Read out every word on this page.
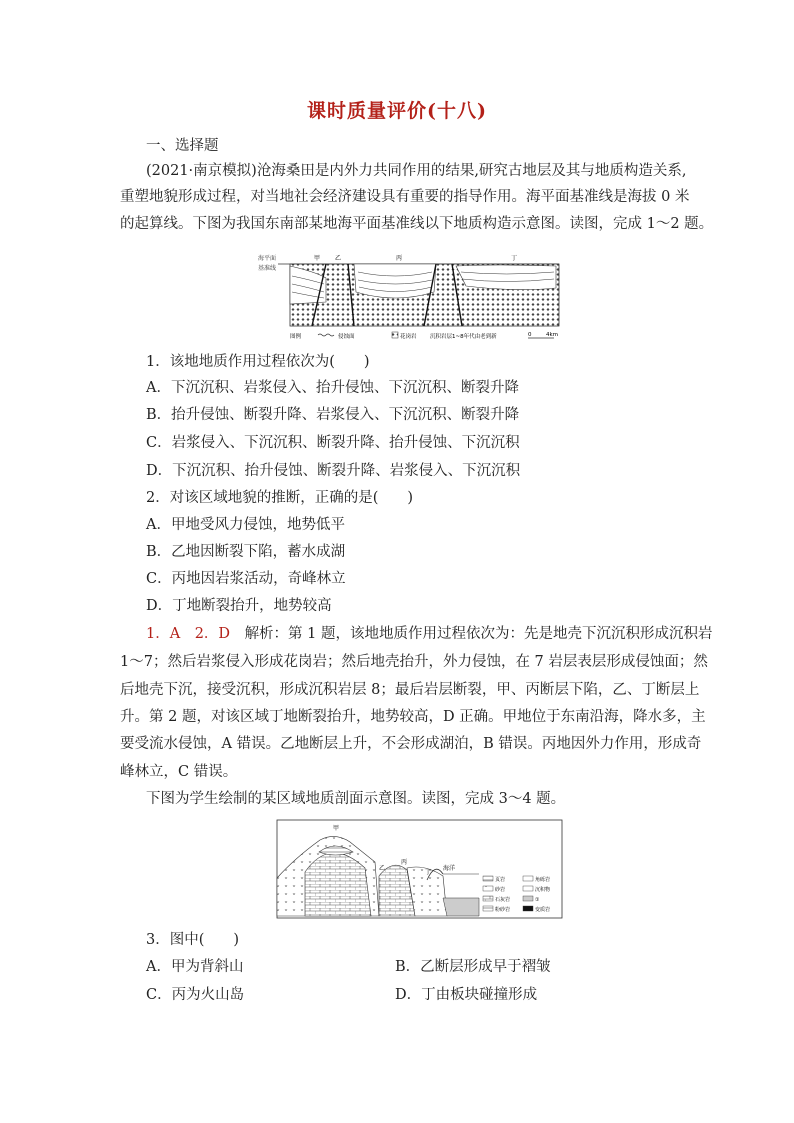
课时质量评价(十八)
一、选择题
(2021·南京模拟)沧海桑田是内外力共同作用的结果,研究古地层及其与地质构造关系,
重塑地貌形成过程，对当地社会经济建设具有重要的指导作用。海平面基准线是海拔 0 米
的起算线。下图为我国东南部某地海平面基准线以下地质构造示意图。读图，完成 1～2 题。
海平面
基准线
甲 乙	丙	丁
图例	侵蚀面	花岗岩 沉积岩层1~8年代由老到新	0	4km
1．该地地质作用过程依次为(　　)
A．下沉沉积、岩浆侵入、抬升侵蚀、下沉沉积、断裂升降
B．抬升侵蚀、断裂升降、岩浆侵入、下沉沉积、断裂升降
C．岩浆侵入、下沉沉积、断裂升降、抬升侵蚀、下沉沉积
D．下沉沉积、抬升侵蚀、断裂升降、岩浆侵入、下沉沉积
2．对该区域地貌的推断，正确的是(　　)
A．甲地受风力侵蚀，地势低平
B．乙地因断裂下陷，蓄水成湖
C．丙地因岩浆活动，奇峰林立
D．丁地断裂抬升，地势较高
1．A　2．D　 解析：第 1 题，该地地质作用过程依次为：先是地壳下沉沉积形成沉积岩
1～7；然后岩浆侵入形成花岗岩；然后地壳抬升，外力侵蚀，在 7 岩层表层形成侵蚀面；然
后地壳下沉，接受沉积，形成沉积岩层 8；最后岩层断裂，甲、丙断层下陷，乙、丁断层上
升。第 2 题，对该区域丁地断裂抬升，地势较高，D 正确。甲地位于东南沿海，降水多，主
要受流水侵蚀，A 错误。乙地断层上升，不会形成湖泊，B 错误。丙地因外力作用，形成奇
峰林立，C 错误。
下图为学生绘制的某区域地质剖面示意图。读图，完成 3～4 题。
甲
乙
丙
丁
海洋
页岩	角砾岩
砂岩	沉积物
石灰岩	①
粉砂岩	变质岩
3．图中(　　)
A．甲为背斜山	B．乙断层形成早于褶皱
C．丙为火山岛	D．丁由板块碰撞形成
